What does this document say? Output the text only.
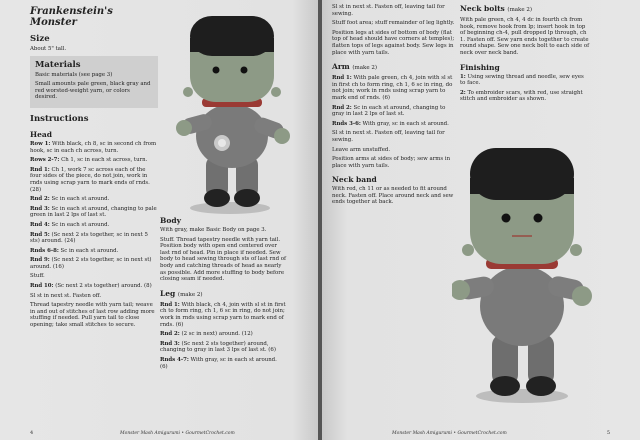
Frankenstein's
Monster
Size

About 5" tall.

Materials

Basic materials (see page 3)

Small amounts pale green, black gray and red worsted-weight yarn, or colors desired.

Instructions
Head

Row 1: With black, ch 8, sc in second ch from hook, sc in each ch across, turn.

Rows 2-7: Ch 1, sc in each st across, turn.

Rnd 1: Ch 1, work 7 sc across each of the four sides of the piece, do not join, work in rnds using scrap yarn to mark ends of rnds. (28)

Rnd 2: Sc in each st around.

Rnd 3: Sc in each st around, changing to pale green in last 2 lps of last st.

Rnd 4: Sc in each st around.

Rnd 5: (Sc next 2 sts together, sc in next 5 sts) around. (24)

Rnds 6-8: Sc in each st around.

Rnd 9: (Sc next 2 sts together, sc in next st) around. (16)

Stuff.

Rnd 10: (Sc next 2 sts together) around. (8)

Sl st in next st. Fasten off.

Thread tapestry needle with yarn tail; weave in and out of stitches of last row adding more stuffing if needed. Pull yarn tail to close opening; take small stitches to secure.

Body

With gray, make Basic Body on page 3.

Stuff. Thread tapestry needle with yarn tail. Position body with open end centered over last rnd of head. Pin in place if needed. Sew body to head sewing through sts of last rnd of body and catching threads of head as nearly as possible. Add more stuffing to body before closing seam if needed.

Leg (make 2)

Rnd 1: With black, ch 4, join with sl st in first ch to form ring, ch 1, 6 sc in ring, do not join; work in rnds using scrap yarn to mark end of rnds. (6)

Rnd 2: (2 sc in next) around. (12)

Rnd 3: (Sc next 2 sts together) around, changing to gray in last 3 lps of last st. (6)

Rnds 4-7: With gray, sc in each st around. (6)

4	Monster Mash Amigurumi • GourmetCrochet.com

Sl st in next st. Fasten off, leaving tail for sewing.

Stuff foot area; stuff remainder of leg lightly.

Position legs at sides of bottom of body (flat top of head should have corners at temples); flatten tops of legs against body. Sew legs in place with yarn tails.

Arm (make 2)

Rnd 1: With pale green, ch 4, join with sl st in first ch to form ring, ch 1, 6 sc in ring, do not join; work in rnds using scrap yarn to mark end of rnds. (6)

Rnd 2: Sc in each st around, changing to gray in last 2 lps of last st.

Rnds 3-6: With gray, sc in each st around.

Sl st in next st. Fasten off, leaving tail for sewing.

Leave arm unstuffed.

Position arms at sides of body; sew arms in place with yarn tails.

Neck band

With red, ch 11 or as needed to fit around neck. Fasten off. Place around neck and sew ends together at back.

Neck bolts (make 2)

With pale green, ch 4, 4 dc in fourth ch from hook, remove hook from lp; insert hook in top of beginning ch-4, pull dropped lp through, ch 1. Fasten off. Sew yarn ends together to create round shape. Sew one neck bolt to each side of neck over neck band.

Finishing

1: Using sewing thread and needle, sew eyes to face.

2: To embroider scars, with red, use straight stitch and embroider as shown.

Monster Mash Amigurumi • GourmetCrochet.com	5
